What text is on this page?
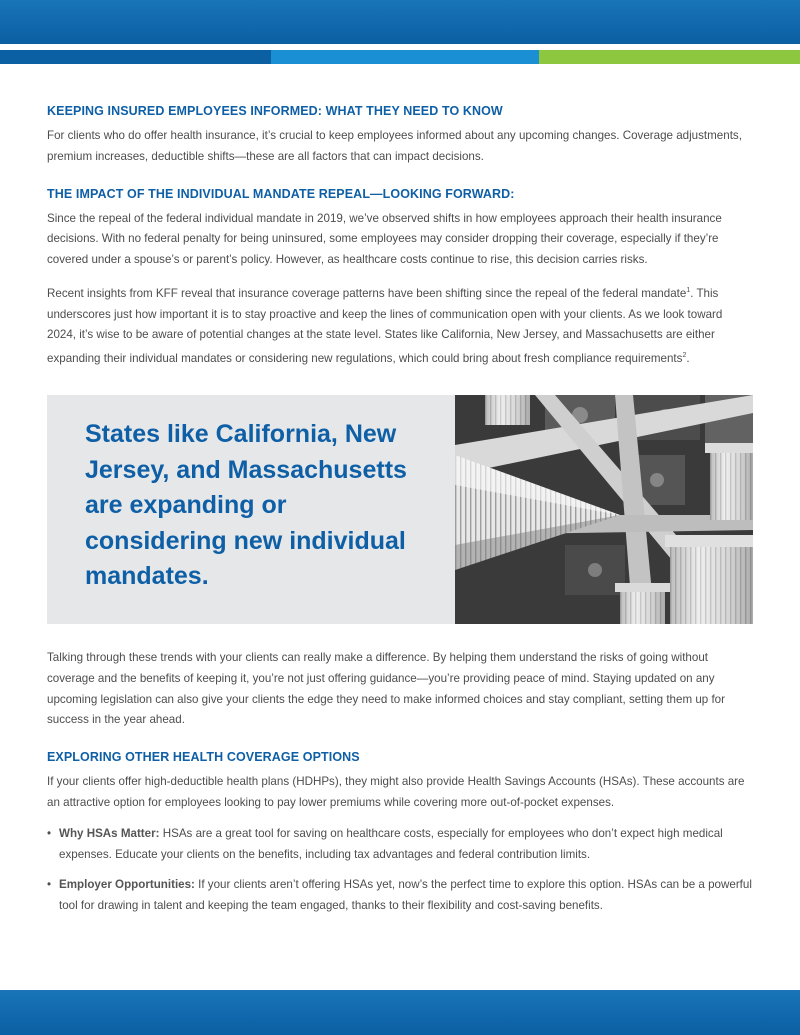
KEEPING INSURED EMPLOYEES INFORMED: WHAT THEY NEED TO KNOW

For clients who do offer health insurance, it’s crucial to keep employees informed about any upcoming changes. Coverage adjustments, premium increases, deductible shifts—these are all factors that can impact decisions.

THE IMPACT OF THE INDIVIDUAL MANDATE REPEAL—LOOKING FORWARD:

Since the repeal of the federal individual mandate in 2019, we’ve observed shifts in how employees approach their health insurance decisions. With no federal penalty for being uninsured, some employees may consider dropping their coverage, especially if they’re covered under a spouse’s or parent’s policy. However, as healthcare costs continue to rise, this decision carries risks.

Recent insights from KFF reveal that insurance coverage patterns have been shifting since the repeal of the federal mandate$^1$. This underscores just how important it is to stay proactive and keep the lines of communication open with your clients. As we look toward 2024, it’s wise to be aware of potential changes at the state level. States like California, New Jersey, and Massachusetts are either expanding their individual mandates or considering new regulations, which could bring about fresh compliance requirements$^2$.

States like California, New Jersey, and Massachusetts are expanding or considering new individual mandates.

Talking through these trends with your clients can really make a difference. By helping them understand the risks of going without coverage and the benefits of keeping it, you’re not just offering guidance—you’re providing peace of mind. Staying updated on any upcoming legislation can also give your clients the edge they need to make informed choices and stay compliant, setting them up for success in the year ahead.

EXPLORING OTHER HEALTH COVERAGE OPTIONS

If your clients offer high-deductible health plans (HDHPs), they might also provide Health Savings Accounts (HSAs). These accounts are an attractive option for employees looking to pay lower premiums while covering more out-of-pocket expenses.

• Why HSAs Matter: HSAs are a great tool for saving on healthcare costs, especially for employees who don’t expect high medical expenses. Educate your clients on the benefits, including tax advantages and federal contribution limits.
• Employer Opportunities: If your clients aren’t offering HSAs yet, now’s the perfect time to explore this option. HSAs can be a powerful tool for drawing in talent and keeping the team engaged, thanks to their flexibility and cost-saving benefits.
